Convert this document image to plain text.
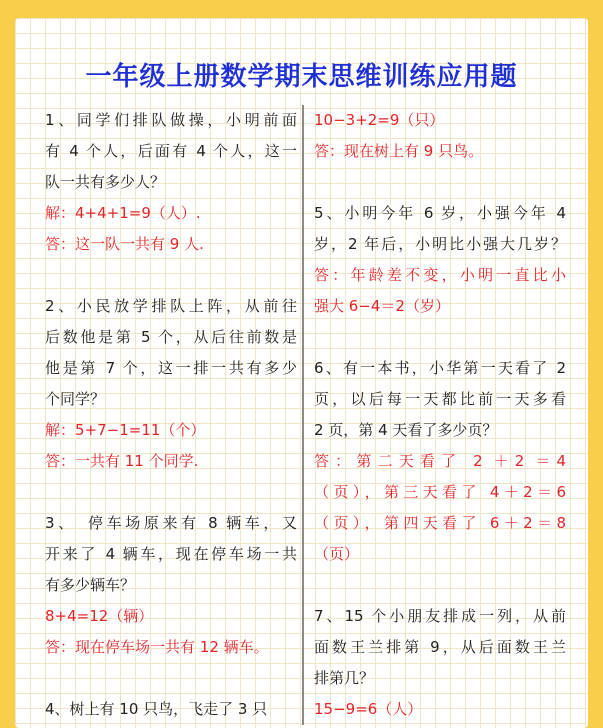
一年级上册数学期末思维训练应用题
1、同学们排队做操，小明前面
有 4 个人，后面有 4 个人，这一
队一共有多少人？
解：4+4+1=9（人）.
答：这一队一共有 9 人.
2、小民放学排队上阵，从前往
后数他是第 5 个，从后往前数是
他是第 7 个，这一排一共有多少
个同学？
解：5+7−1=11（个）
答：一共有 11 个同学.
3、　停车场原来有 8 辆车，又
开来了 4 辆车，现在停车场一共
有多少辆车？
8+4=12（辆）
答：现在停车场一共有 12 辆车。
4、树上有 10 只鸟，飞走了 3 只
10−3+2=9（只）
答：现在树上有 9 只鸟。
5、小明今年 6 岁，小强今年 4
岁，2 年后，小明比小强大几岁？
答：年龄差不变，小明一直比小
强大 6−4＝2（岁）
6、有一本书，小华第一天看了 2
页，以后每一天都比前一天多看
2 页，第 4 天看了多少页？
答：第二天看了 2 ＋2 ＝4
（页），第三天看了 4＋2＝6
（页），第四天看了 6＋2＝8
（页）
7、15 个小朋友排成一列，从前
面数王兰排第 9，从后面数王兰
排第几？
15−9=6（人）
